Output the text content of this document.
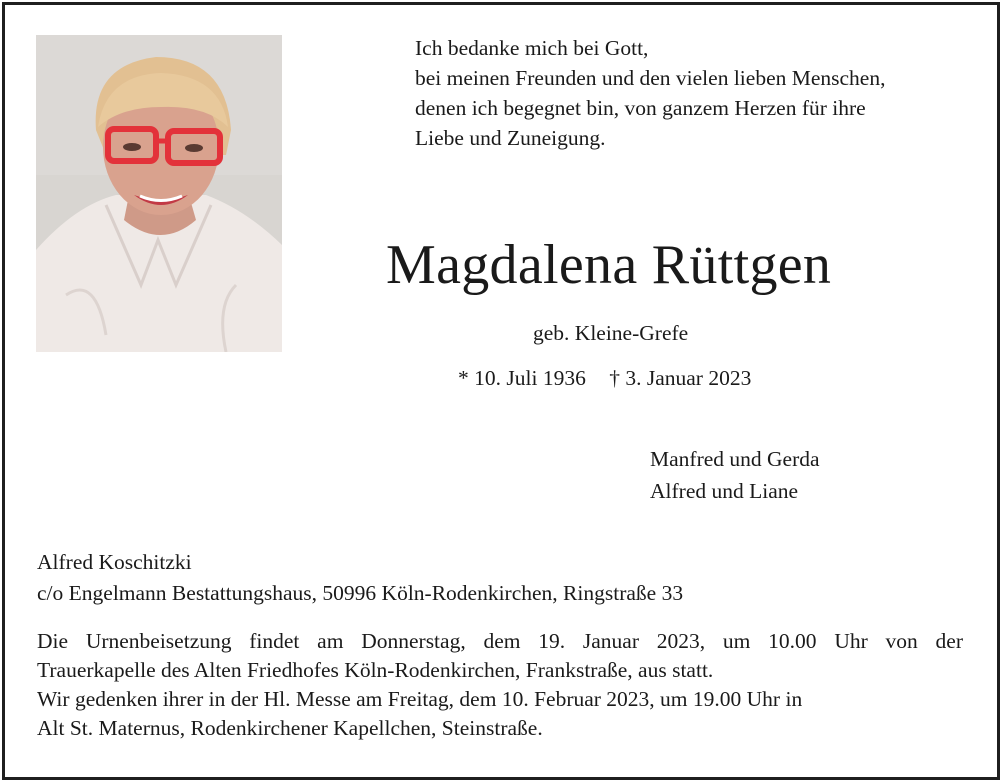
Ich bedanke mich bei Gott,
bei meinen Freunden und den vielen lieben Menschen,
denen ich begegnet bin, von ganzem Herzen für ihre
Liebe und Zuneigung.
Magdalena Rüttgen
geb. Kleine-Grefe
* 10. Juli 1936 † 3. Januar 2023
Manfred und Gerda
Alfred und Liane
Alfred Koschitzki
c/o Engelmann Bestattungshaus, 50996 Köln-Rodenkirchen, Ringstraße 33
Die Urnenbeisetzung findet am Donnerstag, dem 19. Januar 2023, um 10.00 Uhr von der
Trauerkapelle des Alten Friedhofes Köln-Rodenkirchen, Frankstraße, aus statt.
Wir gedenken ihrer in der Hl. Messe am Freitag, dem 10. Februar 2023, um 19.00 Uhr in
Alt St. Maternus, Rodenkirchener Kapellchen, Steinstraße.
